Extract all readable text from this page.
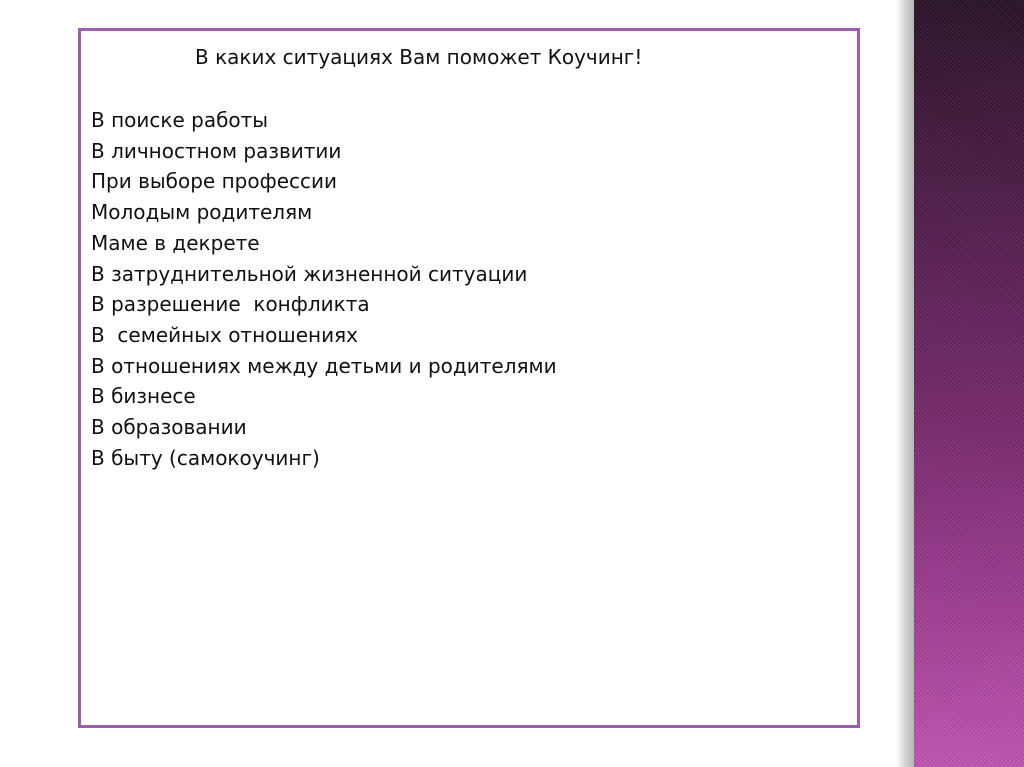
В каких ситуациях Вам поможет Коучинг!
В поиске работы
В личностном развитии
При выборе профессии
Молодым родителям
Маме в декрете
В затруднительной жизненной ситуации
В разрешение  конфликта
В  семейных отношениях
В отношениях между детьми и родителями
В бизнесе
В образовании
В быту (самокоучинг)
